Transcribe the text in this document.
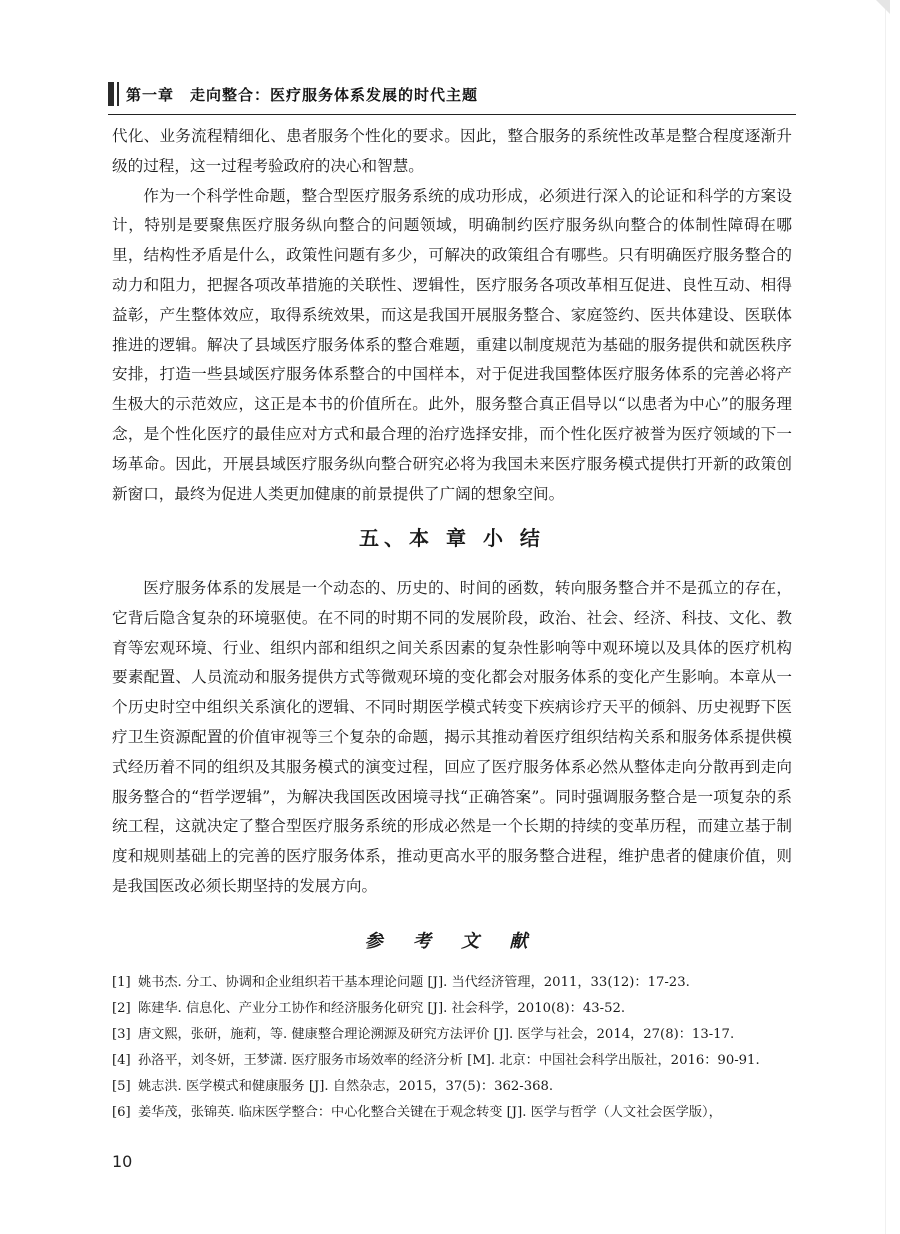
第一章　走向整合：医疗服务体系发展的时代主题

代化、业务流程精细化、患者服务个性化的要求。因此，整合服务的系统性改革是整合程度逐渐升级的过程，这一过程考验政府的决心和智慧。

作为一个科学性命题，整合型医疗服务系统的成功形成，必须进行深入的论证和科学的方案设计，特别是要聚焦医疗服务纵向整合的问题领域，明确制约医疗服务纵向整合的体制性障碍在哪里，结构性矛盾是什么，政策性问题有多少，可解决的政策组合有哪些。只有明确医疗服务整合的动力和阻力，把握各项改革措施的关联性、逻辑性，医疗服务各项改革相互促进、良性互动、相得益彰，产生整体效应，取得系统效果，而这是我国开展服务整合、家庭签约、医共体建设、医联体推进的逻辑。解决了县域医疗服务体系的整合难题，重建以制度规范为基础的服务提供和就医秩序安排，打造一些县域医疗服务体系整合的中国样本，对于促进我国整体医疗服务体系的完善必将产生极大的示范效应，这正是本书的价值所在。此外，服务整合真正倡导以“以患者为中心”的服务理念，是个性化医疗的最佳应对方式和最合理的治疗选择安排，而个性化医疗被誉为医疗领域的下一场革命。因此，开展县域医疗服务纵向整合研究必将为我国未来医疗服务模式提供打开新的政策创新窗口，最终为促进人类更加健康的前景提供了广阔的想象空间。

五、本 章 小 结

医疗服务体系的发展是一个动态的、历史的、时间的函数，转向服务整合并不是孤立的存在，它背后隐含复杂的环境驱使。在不同的时期不同的发展阶段，政治、社会、经济、科技、文化、教育等宏观环境、行业、组织内部和组织之间关系因素的复杂性影响等中观环境以及具体的医疗机构要素配置、人员流动和服务提供方式等微观环境的变化都会对服务体系的变化产生影响。本章从一个历史时空中组织关系演化的逻辑、不同时期医学模式转变下疾病诊疗天平的倾斜、历史视野下医疗卫生资源配置的价值审视等三个复杂的命题，揭示其推动着医疗组织结构关系和服务体系提供模式经历着不同的组织及其服务模式的演变过程，回应了医疗服务体系必然从整体走向分散再到走向服务整合的“哲学逻辑”，为解决我国医改困境寻找“正确答案”。同时强调服务整合是一项复杂的系统工程，这就决定了整合型医疗服务系统的形成必然是一个长期的持续的变革历程，而建立基于制度和规则基础上的完善的医疗服务体系，推动更高水平的服务整合进程，维护患者的健康价值，则是我国医改必须长期坚持的发展方向。

参 考 文 献

[1] 姚书杰. 分工、协调和企业组织若干基本理论问题 [J]. 当代经济管理，2011，33(12)：17-23.

[2] 陈建华. 信息化、产业分工协作和经济服务化研究 [J]. 社会科学，2010(8)：43-52.

[3] 唐文熙，张研，施莉，等. 健康整合理论溯源及研究方法评价 [J]. 医学与社会，2014，27(8)：13-17.

[4] 孙洛平，刘冬妍，王梦潇. 医疗服务市场效率的经济分析 [M]. 北京：中国社会科学出版社，2016：90-91.

[5] 姚志洪. 医学模式和健康服务 [J]. 自然杂志，2015，37(5)：362-368.

[6] 姜华茂，张锦英. 临床医学整合：中心化整合关键在于观念转变 [J]. 医学与哲学（人文社会医学版），

10
